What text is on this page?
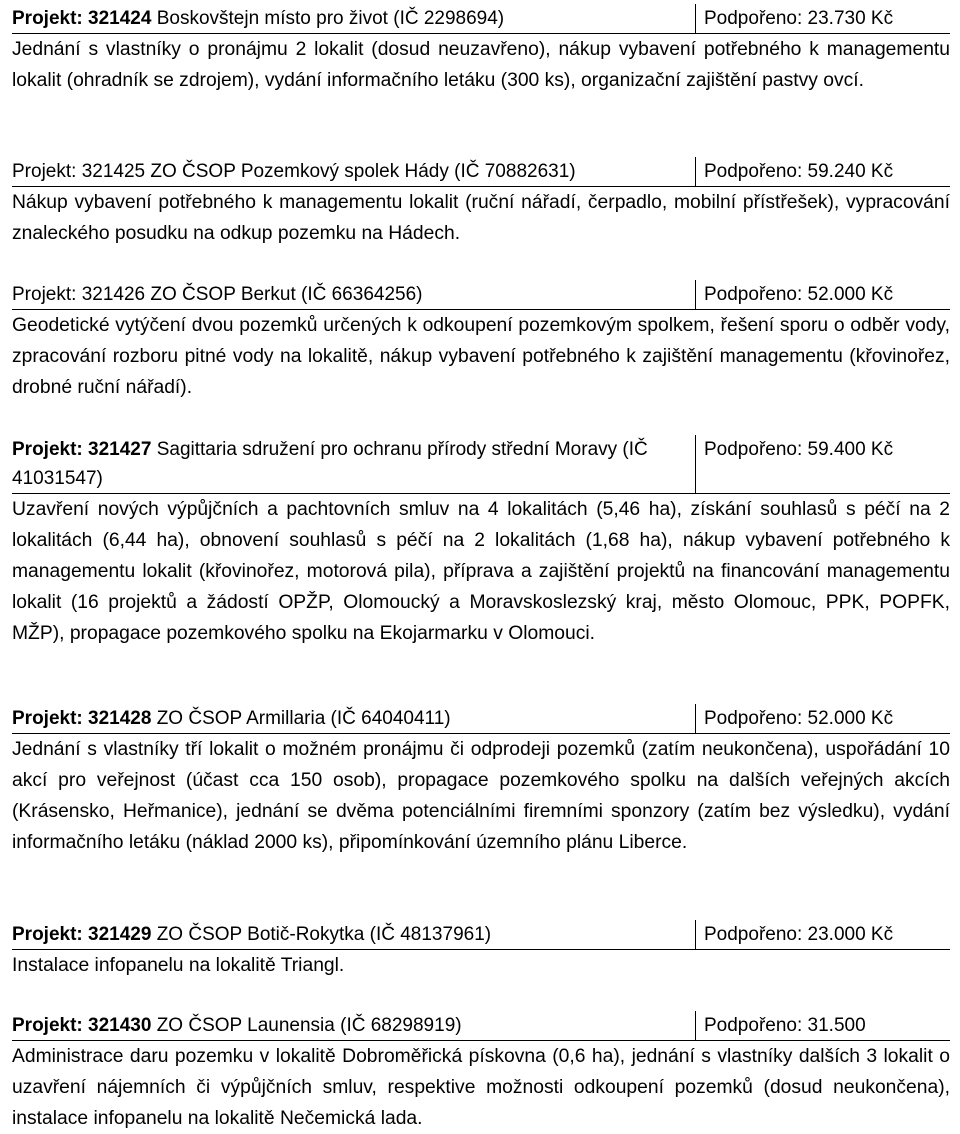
Projekt: 321424 Boskovštejn místo pro život (IČ 2298694)	Podpořeno: 23.730 Kč

Jednání s vlastníky o pronájmu 2 lokalit (dosud neuzavřeno), nákup vybavení potřebného k managementu lokalit (ohradník se zdrojem), vydání informačního letáku (300 ks), organizační zajištění pastvy ovcí.

Projekt: 321425 ZO ČSOP Pozemkový spolek Hády (IČ 70882631)	Podpořeno: 59.240 Kč

Nákup vybavení potřebného k managementu lokalit (ruční nářadí, čerpadlo, mobilní přístřešek), vypracování znaleckého posudku na odkup pozemku na Hádech.

Projekt: 321426 ZO ČSOP Berkut (IČ 66364256)	Podpořeno: 52.000 Kč

Geodetické vytýčení dvou pozemků určených k odkoupení pozemkovým spolkem, řešení sporu o odběr vody, zpracování rozboru pitné vody na lokalitě, nákup vybavení potřebného k zajištění managementu (křovinořez, drobné ruční nářadí).

Projekt: 321427 Sagittaria sdružení pro ochranu přírody střední Moravy (IČ 41031547)	Podpořeno: 59.400 Kč

Uzavření nových výpůjčních a pachtovních smluv na 4 lokalitách (5,46 ha), získání souhlasů s péčí na 2 lokalitách (6,44 ha), obnovení souhlasů s péčí na 2 lokalitách (1,68 ha), nákup vybavení potřebného k managementu lokalit (křovinořez, motorová pila), příprava a zajištění projektů na financování managementu lokalit (16 projektů a žádostí OPŽP, Olomoucký a Moravskoslezský kraj, město Olomouc, PPK, POPFK, MŽP), propagace pozemkového spolku na Ekojarmarku v Olomouci.

Projekt: 321428 ZO ČSOP Armillaria (IČ 64040411)	Podpořeno: 52.000 Kč

Jednání s vlastníky tří lokalit o možném pronájmu či odprodeji pozemků (zatím neukončena), uspořádání 10 akcí pro veřejnost (účast cca 150 osob), propagace pozemkového spolku na dalších veřejných akcích (Krásensko, Heřmanice), jednání se dvěma potenciálními firemními sponzory (zatím bez výsledku), vydání informačního letáku (náklad 2000 ks), připomínkování územního plánu Liberce.

Projekt: 321429 ZO ČSOP Botič-Rokytka (IČ 48137961)	Podpořeno: 23.000 Kč

Instalace infopanelu na lokalitě Triangl.

Projekt: 321430 ZO ČSOP Launensia (IČ 68298919)	Podpořeno: 31.500

Administrace daru pozemku v lokalitě Dobroměřická pískovna (0,6 ha), jednání s vlastníky dalších 3 lokalit o uzavření nájemních či výpůjčních smluv, respektive možnosti odkoupení pozemků (dosud neukončena), instalace infopanelu na lokalitě Nečemická lada.
